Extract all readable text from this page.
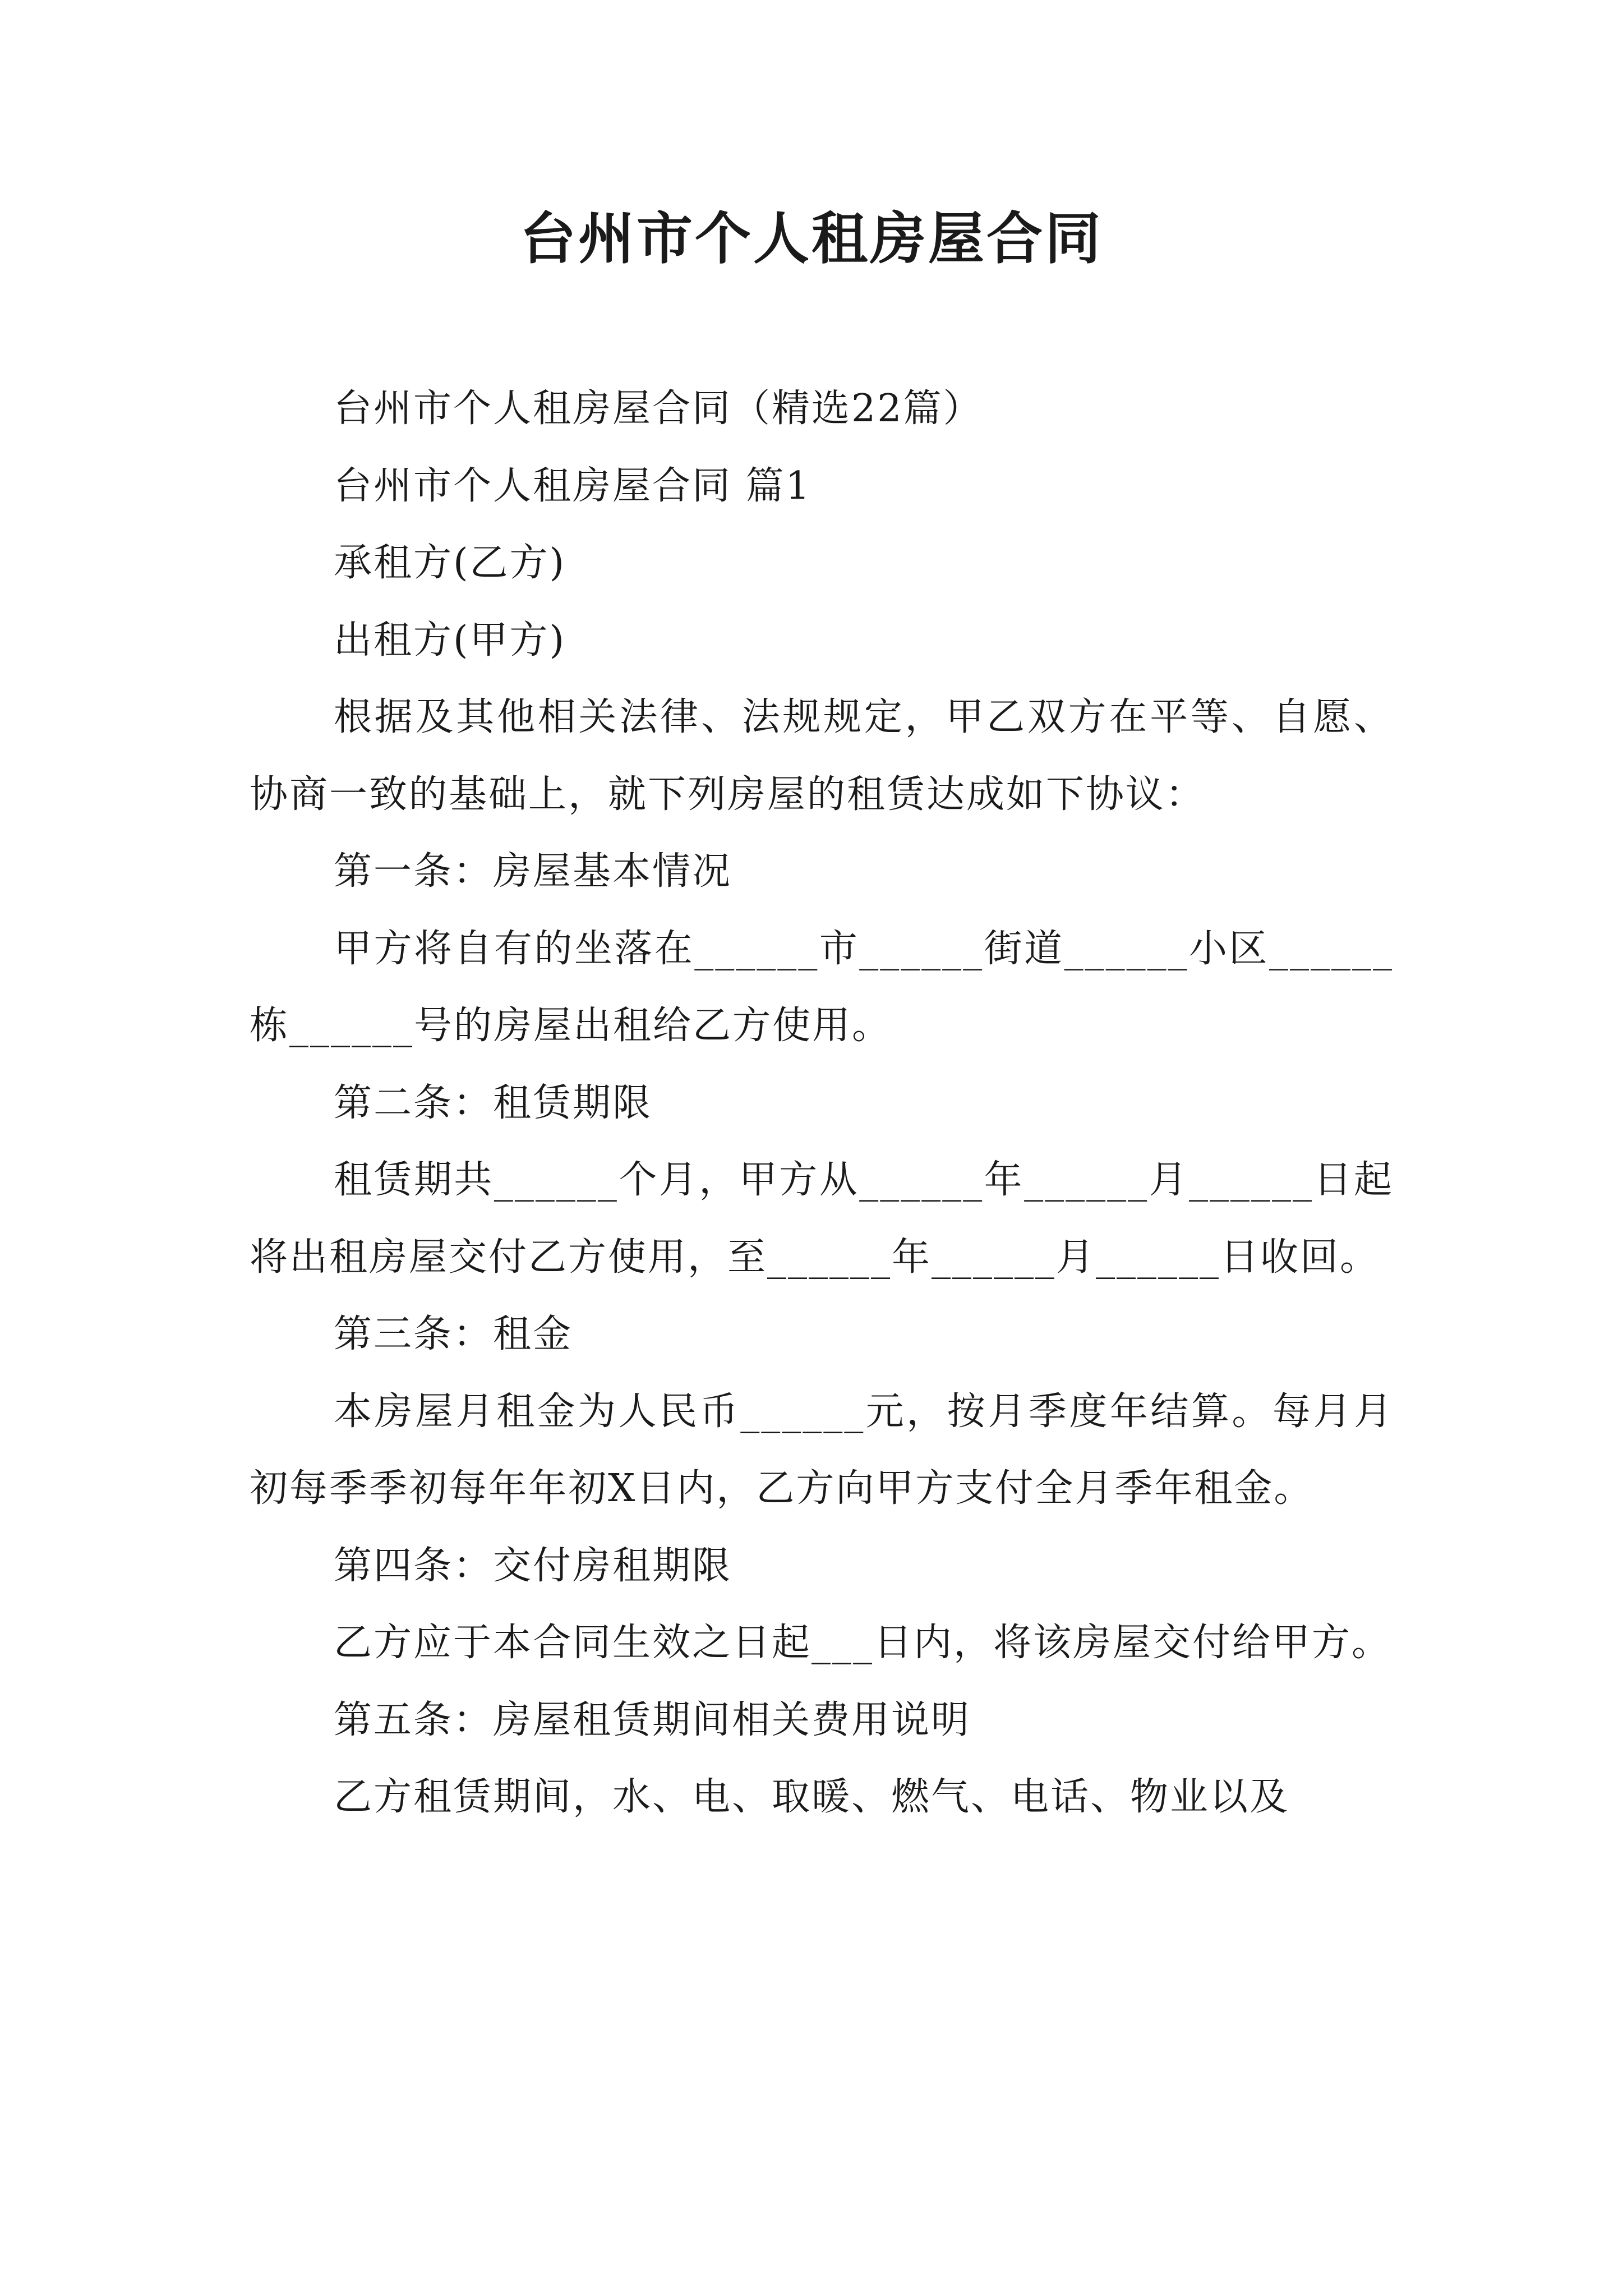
台州市个人租房屋合同

台州市个人租房屋合同（精选22篇）

台州市个人租房屋合同 篇1

承租方(乙方)

出租方(甲方)

根据及其他相关法律、法规规定，甲乙双方在平等、自愿、协商一致的基础上，就下列房屋的租赁达成如下协议：

第一条：房屋基本情况

甲方将自有的坐落在______市______街道______小区______栋______号的房屋出租给乙方使用。

第二条：租赁期限

租赁期共______个月，甲方从______年______月______日起将出租房屋交付乙方使用，至______年______月______日收回。

第三条：租金

本房屋月租金为人民币______元，按月季度年结算。每月月初每季季初每年年初X日内，乙方向甲方支付全月季年租金。

第四条：交付房租期限

乙方应于本合同生效之日起___日内，将该房屋交付给甲方。

第五条：房屋租赁期间相关费用说明

乙方租赁期间，水、电、取暖、燃气、电话、物业以及
